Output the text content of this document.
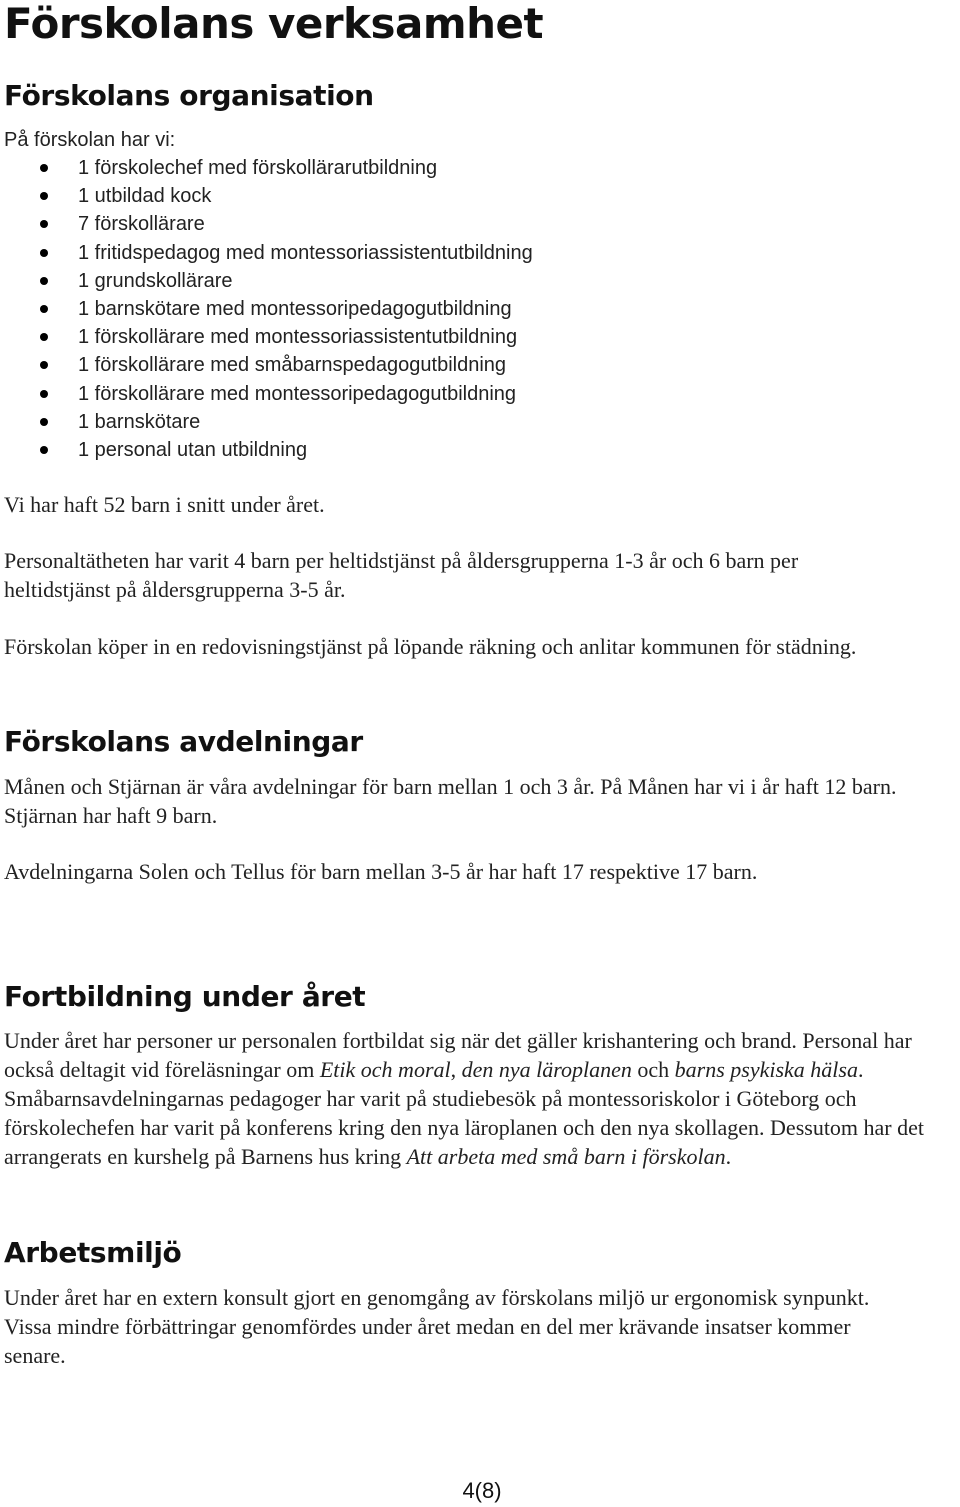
Förskolans verksamhet
Förskolans organisation

På förskolan har vi:

1 förskolechef med förskollärarutbildning
1 utbildad kock
7 förskollärare
1 fritidspedagog med montessoriassistentutbildning
1 grundskollärare
1 barnskötare med montessoripedagogutbildning
1 förskollärare med montessoriassistentutbildning
1 förskollärare med småbarnspedagogutbildning
1 förskollärare med montessoripedagogutbildning
1 barnskötare
1 personal utan utbildning

Vi har haft 52 barn i snitt under året.

Personaltätheten har varit 4 barn per heltidstjänst på åldersgrupperna 1-3 år och 6 barn per heltidstjänst på åldersgrupperna 3-5 år.

Förskolan köper in en redovisningstjänst på löpande räkning och anlitar kommunen för städning.

Förskolans avdelningar

Månen och Stjärnan är våra avdelningar för barn mellan 1 och 3 år. På Månen har vi i år haft 12 barn. Stjärnan har haft 9 barn.

Avdelningarna Solen och Tellus för barn mellan 3-5 år har haft 17 respektive 17 barn.

Fortbildning under året

Under året har personer ur personalen fortbildat sig när det gäller krishantering och brand. Personal har också deltagit vid föreläsningar om Etik och moral, den nya läroplanen och barns psykiska hälsa. Småbarnsavdelningarnas pedagoger har varit på studiebesök på montessoriskolor i Göteborg och förskolechefen har varit på konferens kring den nya läroplanen och den nya skollagen. Dessutom har det arrangerats en kurshelg på Barnens hus kring Att arbeta med små barn i förskolan.

Arbetsmiljö

Under året har en extern konsult gjort en genomgång av förskolans miljö ur ergonomisk synpunkt. Vissa mindre förbättringar genomfördes under året medan en del mer krävande insatser kommer senare.

4(8)
